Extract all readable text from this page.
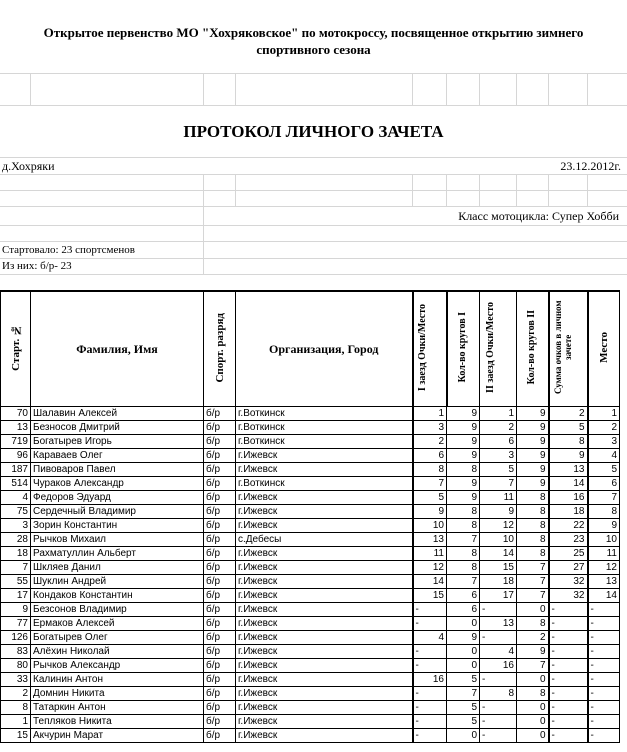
Открытое первенство МО "Хохряковское" по мотокроссу, посвященное открытию зимнего спортивного сезона
ПРОТОКОЛ ЛИЧНОГО ЗАЧЕТА
д.Хохряки	23.12.2012г.
Класс мотоцикла: Супер Хобби
Стартовало: 23 спортсменов
Из них: б/р- 23
Старт. №	Фамилия, Имя	Спорт. разряд	Организация, Город	I заезд Очки/Место	Кол-во кругов I	II заезд Очки/Место	Кол-во кругов II	Сумма очков в личном зачете	Место
70	Шалавин Алексей	б/р	г.Воткинск	1	9	1	9	2	1
13	Безносов Дмитрий	б/р	г.Воткинск	3	9	2	9	5	2
719	Богатырев Игорь	б/р	г.Воткинск	2	9	6	9	8	3
96	Караваев Олег	б/р	г.Ижевск	6	9	3	9	9	4
187	Пивоваров Павел	б/р	г.Ижевск	8	8	5	9	13	5
514	Чураков Александр	б/р	г.Воткинск	7	9	7	9	14	6
4	Федоров Эдуард	б/р	г.Ижевск	5	9	11	8	16	7
75	Сердечный Владимир	б/р	г.Ижевск	9	8	9	8	18	8
3	Зорин Константин	б/р	г.Ижевск	10	8	12	8	22	9
28	Рычков Михаил	б/р	с.Дебесы	13	7	10	8	23	10
18	Рахматуллин Альберт	б/р	г.Ижевск	11	8	14	8	25	11
7	Шкляев Данил	б/р	г.Ижевск	12	8	15	7	27	12
55	Шуклин Андрей	б/р	г.Ижевск	14	7	18	7	32	13
17	Кондаков Константин	б/р	г.Ижевск	15	6	17	7	32	14
9	Безсонов Владимир	б/р	г.Ижевск	-	6	-	0	-	-
77	Ермаков Алексей	б/р	г.Ижевск	-	0	13	8	-	-
126	Богатырев Олег	б/р	г.Ижевск	4	9	-	2	-	-
83	Алёхин Николай	б/р	г.Ижевск	-	0	4	9	-	-
80	Рычков Александр	б/р	г.Ижевск	-	0	16	7	-	-
33	Калинин Антон	б/р	г.Ижевск	16	5	-	0	-	-
2	Домнин Никита	б/р	г.Ижевск	-	7	8	8	-	-
8	Татаркин Антон	б/р	г.Ижевск	-	5	-	0	-	-
1	Тепляков Никита	б/р	г.Ижевск	-	5	-	0	-	-
15	Акчурин Марат	б/р	г.Ижевск	-	0	-	0	-	-
